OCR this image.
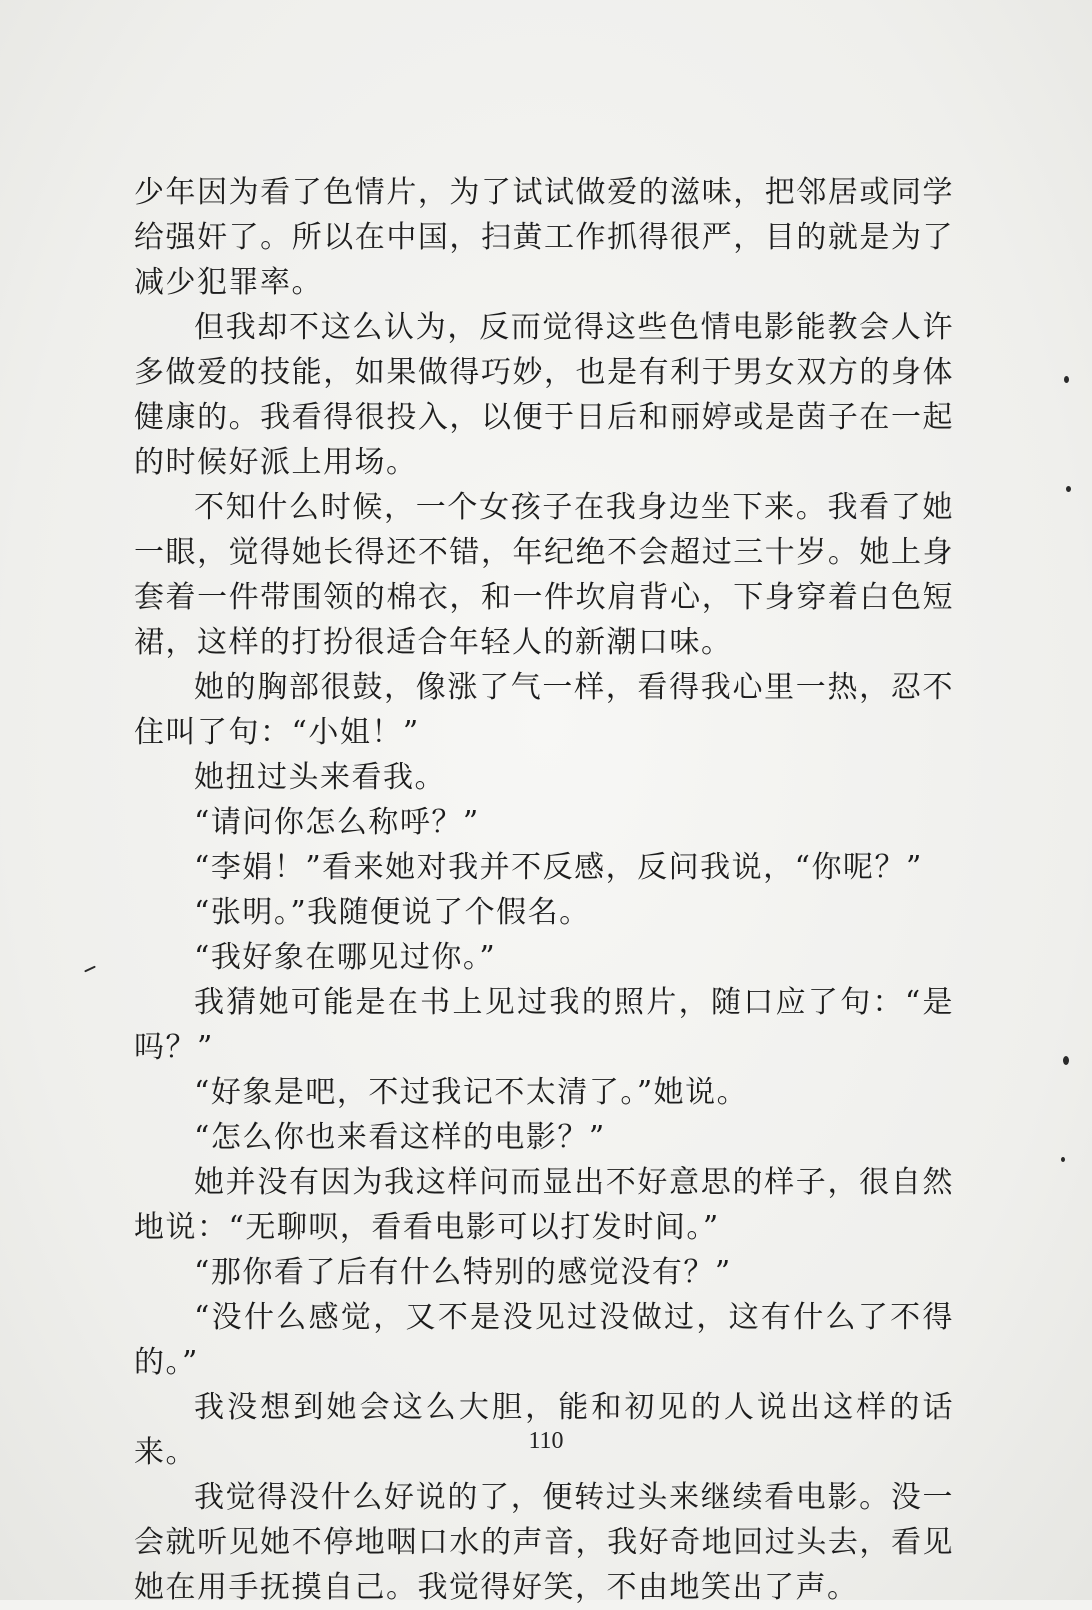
少年因为看了色情片，为了试试做爱的滋味，把邻居或同学给强奸了。所以在中国，扫黄工作抓得很严，目的就是为了减少犯罪率。

但我却不这么认为，反而觉得这些色情电影能教会人许多做爱的技能，如果做得巧妙，也是有利于男女双方的身体健康的。我看得很投入，以便于日后和丽婷或是茵子在一起的时候好派上用场。

不知什么时候，一个女孩子在我身边坐下来。我看了她一眼，觉得她长得还不错，年纪绝不会超过三十岁。她上身套着一件带围领的棉衣，和一件坎肩背心，下身穿着白色短裙，这样的打扮很适合年轻人的新潮口味。

她的胸部很鼓，像涨了气一样，看得我心里一热，忍不住叫了句：“小姐！”

她扭过头来看我。

“请问你怎么称呼？”

“李娟！”看来她对我并不反感，反问我说，“你呢？”

“张明。”我随便说了个假名。

“我好象在哪见过你。”

我猜她可能是在书上见过我的照片，随口应了句：“是吗？”

“好象是吧，不过我记不太清了。”她说。

“怎么你也来看这样的电影？”

她并没有因为我这样问而显出不好意思的样子，很自然地说：“无聊呗，看看电影可以打发时间。”

“那你看了后有什么特别的感觉没有？”

“没什么感觉，又不是没见过没做过，这有什么了不得的。”

我没想到她会这么大胆，能和初见的人说出这样的话来。

我觉得没什么好说的了，便转过头来继续看电影。没一会就听见她不停地咽口水的声音，我好奇地回过头去，看见她在用手抚摸自己。我觉得好笑，不由地笑出了声。

110
